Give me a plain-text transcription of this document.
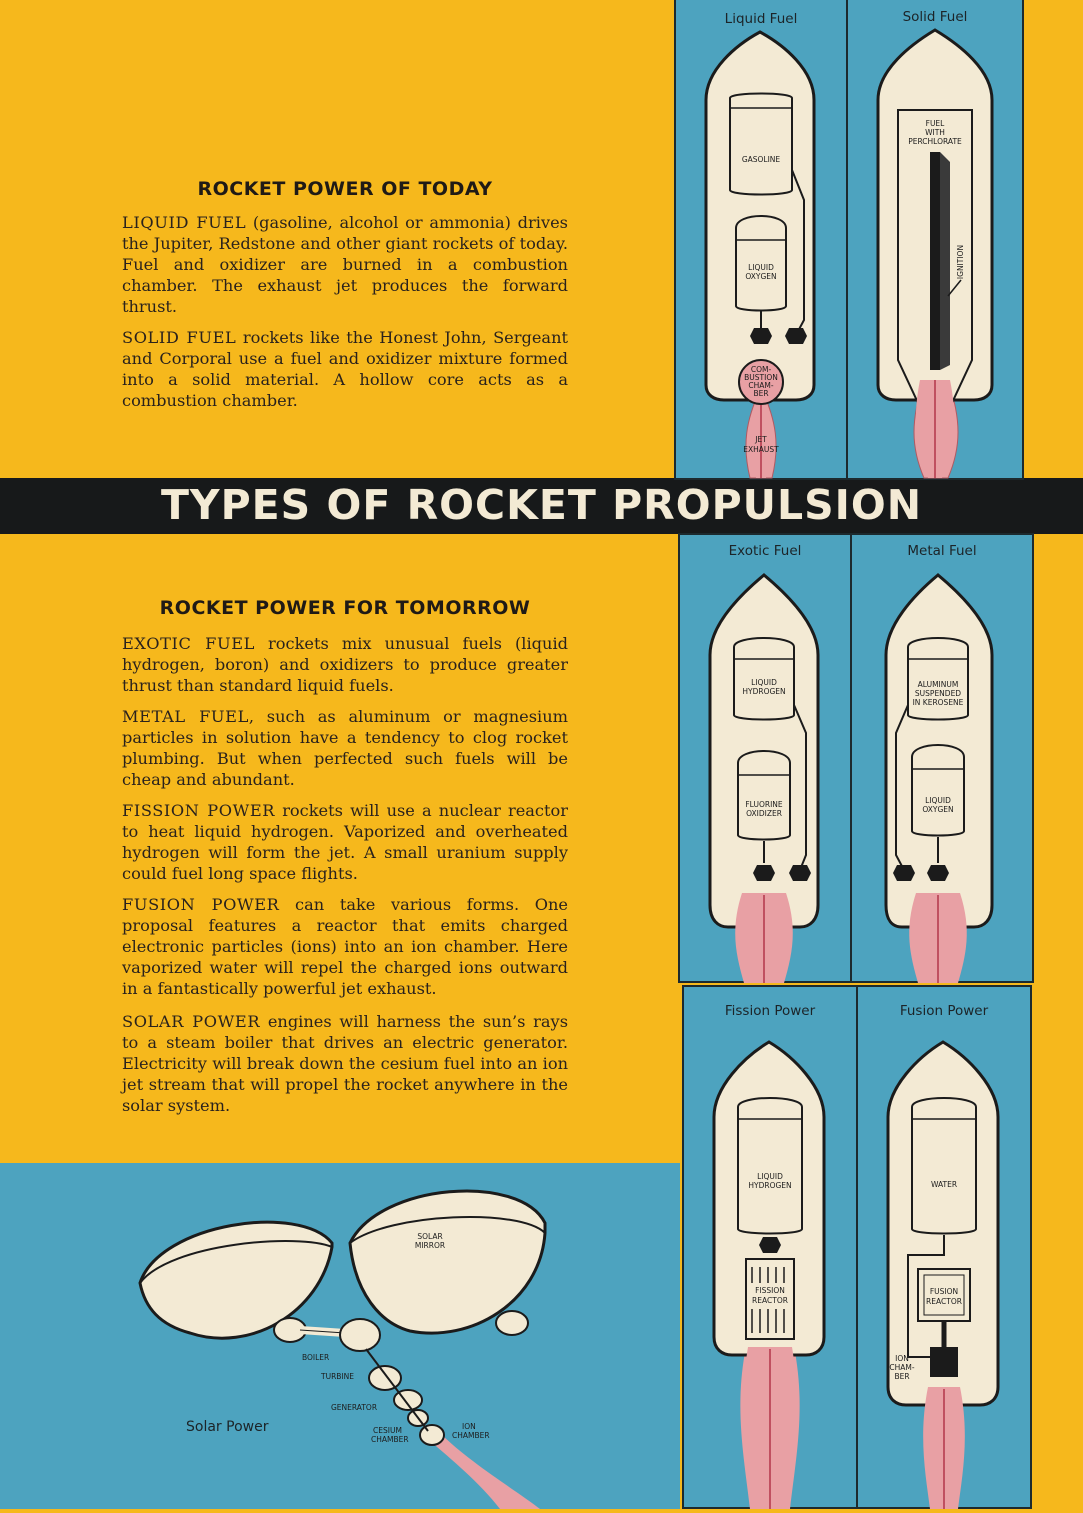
ROCKET POWER OF TODAY

LIQUID FUEL (gasoline, alcohol or ammonia) drives the Jupiter, Redstone and other giant rockets of today. Fuel and oxidizer are burned in a combustion chamber. The exhaust jet produces the forward thrust.

SOLID FUEL rockets like the Honest John, Sergeant and Corporal use a fuel and oxidizer mixture formed into a solid material. A hollow core acts as a combustion chamber.

TYPES OF ROCKET PROPULSION
ROCKET POWER FOR TOMORROW

EXOTIC FUEL rockets mix unusual fuels (liquid hydrogen, boron) and oxidizers to produce greater thrust than standard liquid fuels.

METAL FUEL, such as aluminum or magnesium particles in solution have a tendency to clog rocket plumbing. But when perfected such fuels will be cheap and abundant.

FISSION POWER rockets will use a nuclear reactor to heat liquid hydrogen. Vaporized and overheated hydrogen will form the jet. A small uranium supply could fuel long space flights.

FUSION POWER can take various forms. One proposal features a reactor that emits charged electronic particles (ions) into an ion chamber. Here vaporized water will repel the charged ions outward in a fantastically powerful jet exhaust.

SOLAR POWER engines will harness the sun’s rays to a steam boiler that drives an electric generator. Electricity will break down the cesium fuel into an ion jet stream that will propel the rocket anywhere in the solar system.

Liquid Fuel
GASOLINE
LIQUID
OXYGEN
COM-
BUSTION
CHAM-
BER
JET
EXHAUST
Solid Fuel
FUEL
WITH
PERCHLORATE
IGNITION
Exotic Fuel
LIQUID
HYDROGEN
FLUORINE
OXIDIZER
Metal Fuel
ALUMINUM
SUSPENDED
IN KEROSENE
LIQUID
OXYGEN
Fission Power
LIQUID
HYDROGEN
FISSION
REACTOR
Fusion Power
WATER
FUSION
REACTOR
ION
CHAM-
BER
SOLAR
MIRROR
BOILER
TURBINE
GENERATOR
CESIUM
CHAMBER
ION
CHAMBER
Solar Power
